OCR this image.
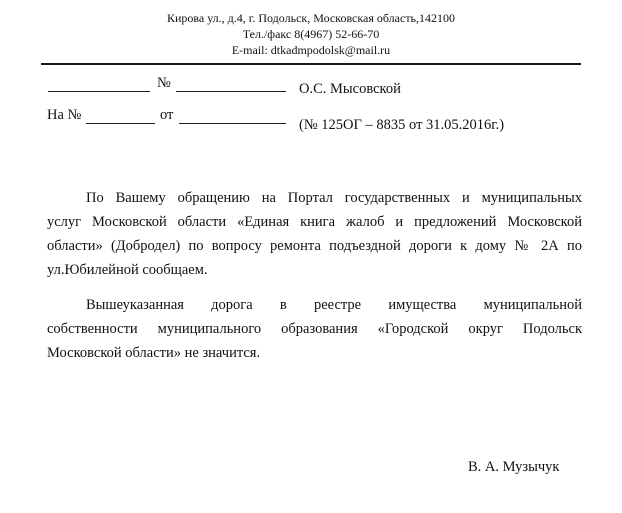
Кирова ул., д.4, г. Подольск, Московская область,142100
Тел./факс 8(4967) 52-66-70
E-mail: dtkadmpodolsk@mail.ru
№	О.С. Мысовской
На №	от
(№ 125ОГ – 8835 от 31.05.2016г.)
По Вашему обращению на Портал государственных и муниципальных
услуг Московской области «Единая книга жалоб и предложений Московской
области» (Добродел) по вопросу ремонта подъездной дороги к дому № 2А по
ул.Юбилейной сообщаем.
Вышеуказанная дорога в реестре имущества муниципальной
собственности муниципального образования «Городской округ Подольск
Московской области» не значится.
В. А. Музычук
